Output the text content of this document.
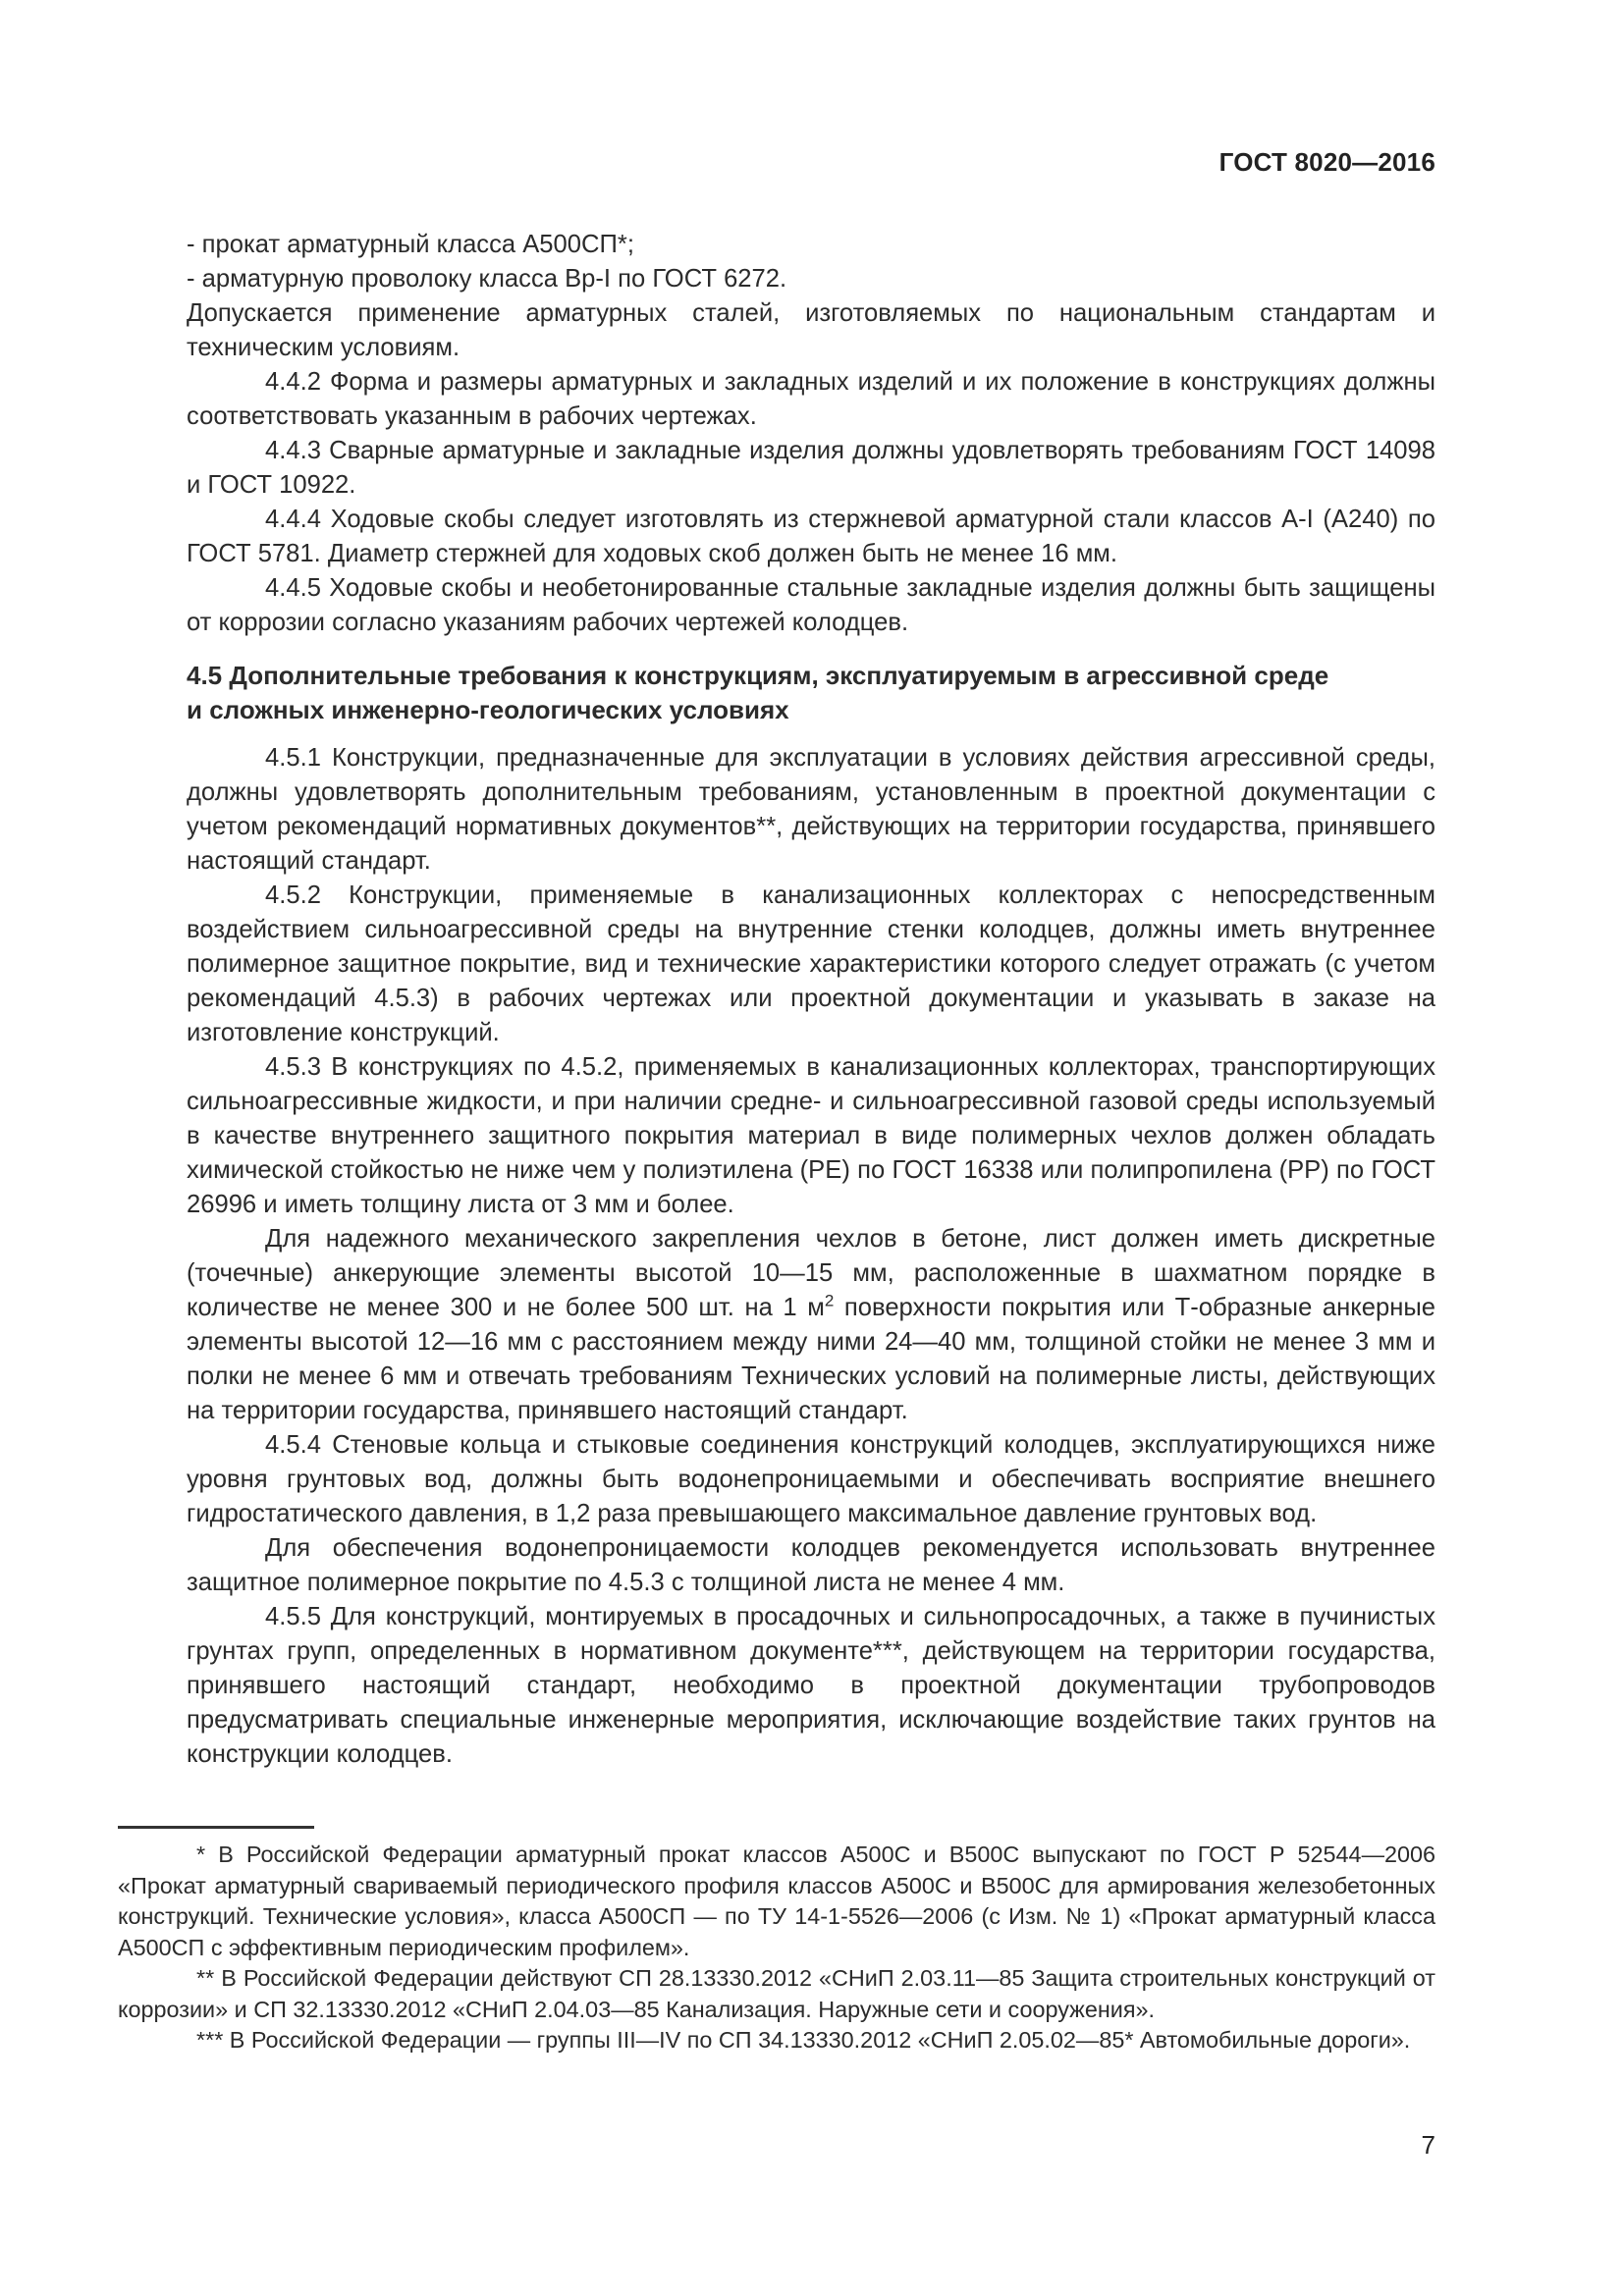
ГОСТ 8020—2016

- прокат арматурный класса А500СП*;

- арматурную проволоку класса Вр-I по ГОСТ 6272.

Допускается применение арматурных сталей, изготовляемых по национальным стандартам и техническим условиям.

4.4.2 Форма и размеры арматурных и закладных изделий и их положение в конструкциях должны соответствовать указанным в рабочих чертежах.

4.4.3 Сварные арматурные и закладные изделия должны удовлетворять требованиям ГОСТ 14098 и ГОСТ 10922.

4.4.4 Ходовые скобы следует изготовлять из стержневой арматурной стали классов А-I (А240) по ГОСТ 5781. Диаметр стержней для ходовых скоб должен быть не менее 16 мм.

4.4.5 Ходовые скобы и необетонированные стальные закладные изделия должны быть защищены от коррозии согласно указаниям рабочих чертежей колодцев.

4.5 Дополнительные требования к конструкциям, эксплуатируемым в агрессивной среде
и сложных инженерно-геологических условиях

4.5.1 Конструкции, предназначенные для эксплуатации в условиях действия агрессивной среды, должны удовлетворять дополнительным требованиям, установленным в проектной документации с учетом рекомендаций нормативных документов**, действующих на территории государства, принявшего настоящий стандарт.

4.5.2 Конструкции, применяемые в канализационных коллекторах с непосредственным воздействием сильноагрессивной среды на внутренние стенки колодцев, должны иметь внутреннее полимерное защитное покрытие, вид и технические характеристики которого следует отражать (с учетом рекомендаций 4.5.3) в рабочих чертежах или проектной документации и указывать в заказе на изготовление конструкций.

4.5.3 В конструкциях по 4.5.2, применяемых в канализационных коллекторах, транспортирующих сильноагрессивные жидкости, и при наличии средне- и сильноагрессивной газовой среды используемый в качестве внутреннего защитного покрытия материал в виде полимерных чехлов должен обладать химической стойкостью не ниже чем у полиэтилена (РЕ) по ГОСТ 16338 или полипропилена (РР) по ГОСТ 26996 и иметь толщину листа от 3 мм и более.

Для надежного механического закрепления чехлов в бетоне, лист должен иметь дискретные (точечные) анкерующие элементы высотой 10—15 мм, расположенные в шахматном порядке в количестве не менее 300 и не более 500 шт. на 1 $м^2$ поверхности покрытия или Т-образные анкерные элементы высотой 12—16 мм с расстоянием между ними 24—40 мм, толщиной стойки не менее 3 мм и полки не менее 6 мм и отвечать требованиям Технических условий на полимерные листы, действующих на территории государства, принявшего настоящий стандарт.

4.5.4 Стеновые кольца и стыковые соединения конструкций колодцев, эксплуатирующихся ниже уровня грунтовых вод, должны быть водонепроницаемыми и обеспечивать восприятие внешнего гидростатического давления, в 1,2 раза превышающего максимальное давление грунтовых вод.

Для обеспечения водонепроницаемости колодцев рекомендуется использовать внутреннее защитное полимерное покрытие по 4.5.3 с толщиной листа не менее 4 мм.

4.5.5 Для конструкций, монтируемых в просадочных и сильнопросадочных, а также в пучинистых грунтах групп, определенных в нормативном документе***, действующем на территории государства, принявшего настоящий стандарт, необходимо в проектной документации трубопроводов предусматривать специальные инженерные мероприятия, исключающие воздействие таких грунтов на конструкции колодцев.

* В Российской Федерации арматурный прокат классов А500С и В500С выпускают по ГОСТ Р 52544—2006 «Прокат арматурный свариваемый периодического профиля классов А500С и В500С для армирования железобетонных конструкций. Технические условия», класса А500СП — по ТУ 14-1-5526—2006 (с Изм. № 1) «Прокат арматурный класса А500СП с эффективным периодическим профилем».

** В Российской Федерации действуют СП 28.13330.2012 «СНиП 2.03.11—85 Защита строительных конструкций от коррозии» и СП 32.13330.2012 «СНиП 2.04.03—85 Канализация. Наружные сети и сооружения».

*** В Российской Федерации — группы III—IV по СП 34.13330.2012 «СНиП 2.05.02—85* Автомобильные дороги».

7
